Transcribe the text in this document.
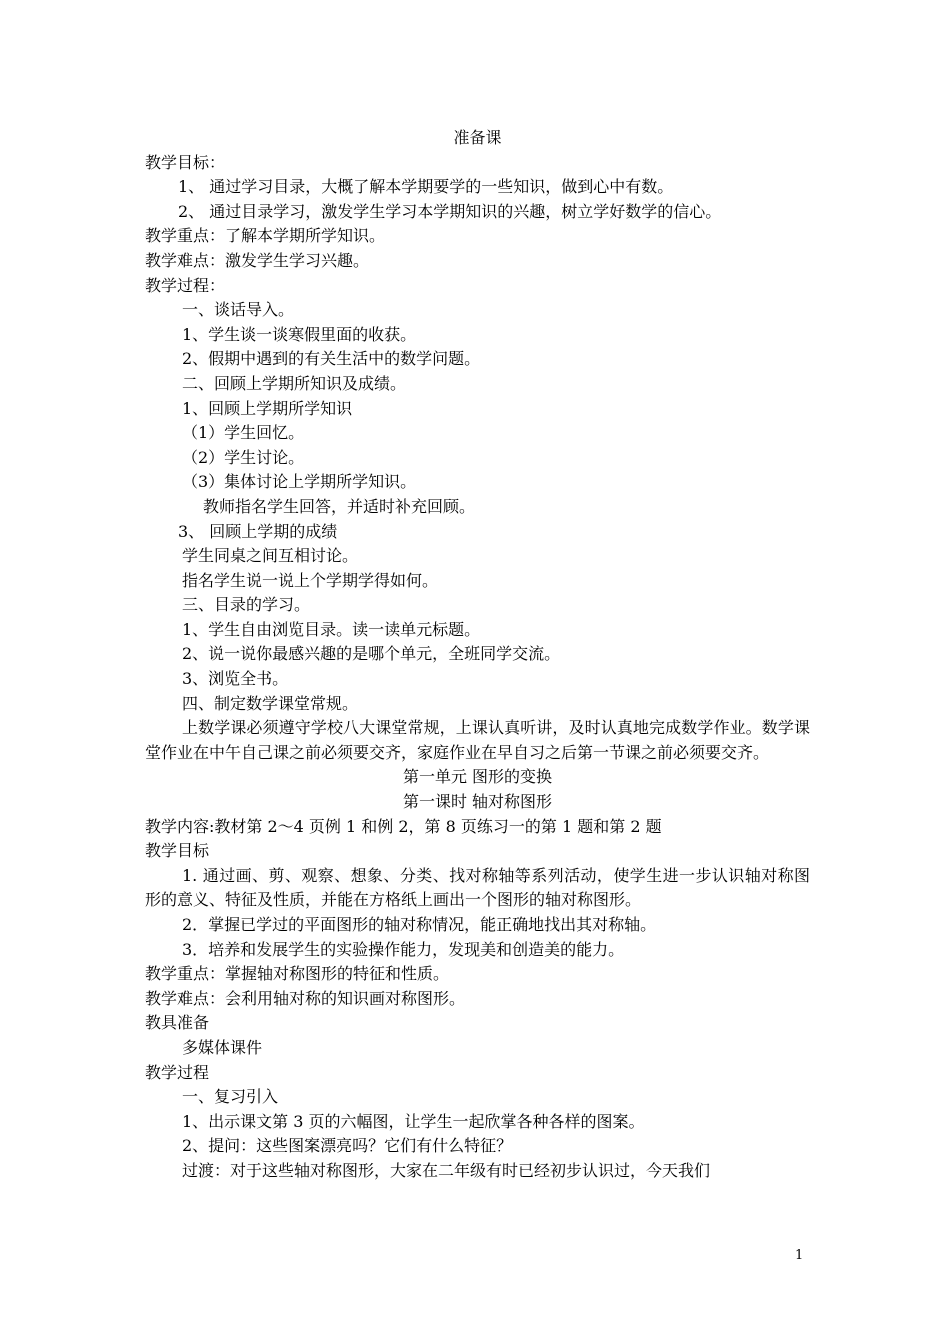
准备课
教学目标：
1、 通过学习目录，大概了解本学期要学的一些知识，做到心中有数。
2、 通过目录学习，激发学生学习本学期知识的兴趣，树立学好数学的信心。
教学重点：了解本学期所学知识。
教学难点：激发学生学习兴趣。
教学过程：
一、谈话导入。
1、学生谈一谈寒假里面的收获。
2、假期中遇到的有关生活中的数学问题。
二、回顾上学期所知识及成绩。
1、回顾上学期所学知识
（1）学生回忆。
（2）学生讨论。
（3）集体讨论上学期所学知识。
教师指名学生回答，并适时补充回顾。
3、 回顾上学期的成绩
学生同桌之间互相讨论。
指名学生说一说上个学期学得如何。
三、目录的学习。
1、学生自由浏览目录。读一读单元标题。
2、说一说你最感兴趣的是哪个单元，全班同学交流。
3、浏览全书。
四、制定数学课堂常规。
上数学课必须遵守学校八大课堂常规，上课认真听讲，及时认真地完成数学作业。数学课堂作业在中午自己课之前必须要交齐，家庭作业在早自习之后第一节课之前必须要交齐。
第一单元 图形的变换
第一课时 轴对称图形
教学内容:教材第 2～4 页例 1 和例 2，第 8 页练习一的第 1 题和第 2 题
教学目标
1. 通过画、剪、观察、想象、分类、找对称轴等系列活动，使学生进一步认识轴对称图形的意义、特征及性质，并能在方格纸上画出一个图形的轴对称图形。
2．掌握已学过的平面图形的轴对称情况，能正确地找出其对称轴。
3．培养和发展学生的实验操作能力，发现美和创造美的能力。
教学重点：掌握轴对称图形的特征和性质。
教学难点：会利用轴对称的知识画对称图形。
教具准备
多媒体课件
教学过程
一、复习引入
1、出示课文第 3 页的六幅图，让学生一起欣掌各种各样的图案。
2、提问：这些图案漂亮吗？它们有什么特征？
过渡：对于这些轴对称图形，大家在二年级有时已经初步认识过，今天我们
1
